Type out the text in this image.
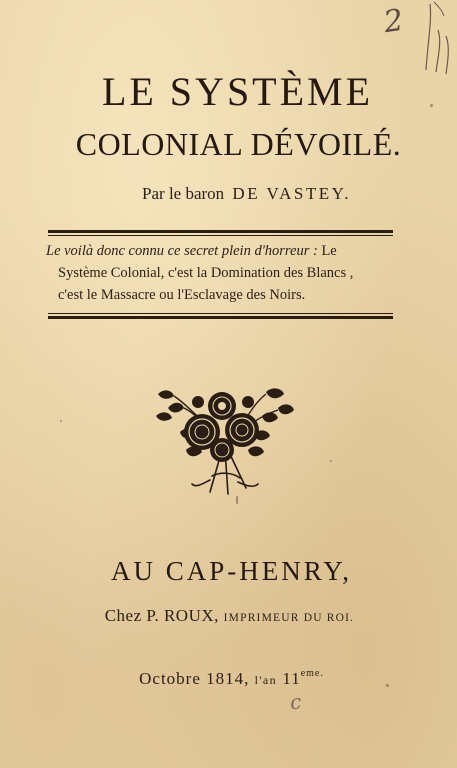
2
LE SYSTÈME
COLONIAL DÉVOILÉ.
Par le baron DE VASTEY.
Le voilà donc connu ce secret plein d'horreur : Le
Système Colonial, c'est la Domination des Blancs ,
c'est le Massacre ou l'Esclavage des Noirs.
AU CAP-HENRY,
Chez P. ROUX, IMPRIMEUR DU ROI.
Octobre 1814, l'an $11^{eme.}$
c
